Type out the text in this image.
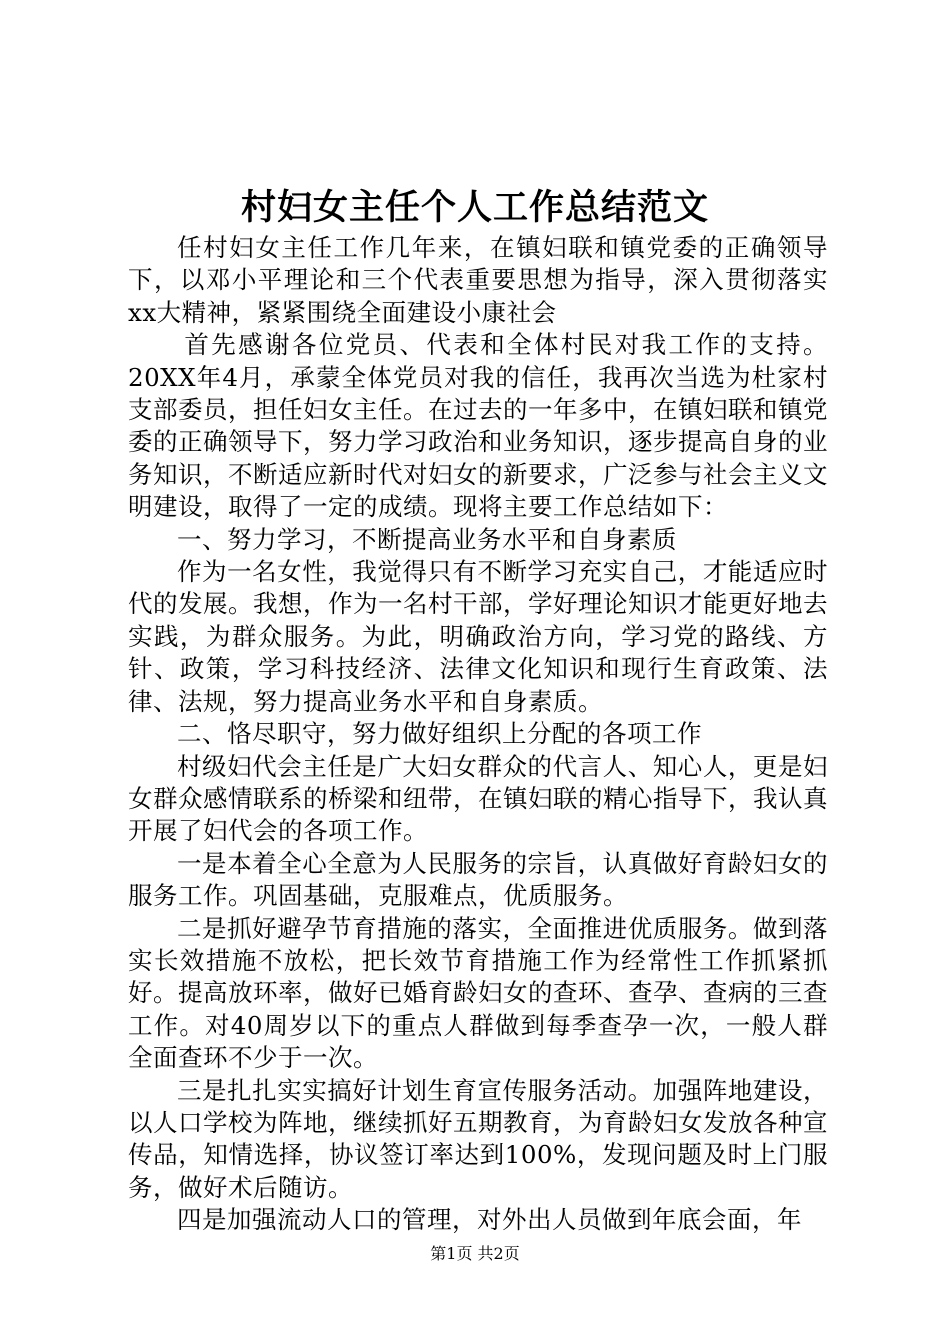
村妇女主任个人工作总结范文

任村妇女主任工作几年来，在镇妇联和镇党委的正确领导下，以邓小平理论和三个代表重要思想为指导，深入贯彻落实xx大精神，紧紧围绕全面建设小康社会

首先感谢各位党员、代表和全体村民对我工作的支持。20XX年4月，承蒙全体党员对我的信任，我再次当选为杜家村支部委员，担任妇女主任。在过去的一年多中，在镇妇联和镇党委的正确领导下，努力学习政治和业务知识，逐步提高自身的业务知识，不断适应新时代对妇女的新要求，广泛参与社会主义文明建设，取得了一定的成绩。现将主要工作总结如下：

一、努力学习，不断提高业务水平和自身素质

作为一名女性，我觉得只有不断学习充实自己，才能适应时代的发展。我想，作为一名村干部，学好理论知识才能更好地去实践，为群众服务。为此，明确政治方向，学习党的路线、方针、政策，学习科技经济、法律文化知识和现行生育政策、法律、法规，努力提高业务水平和自身素质。

二、恪尽职守，努力做好组织上分配的各项工作

村级妇代会主任是广大妇女群众的代言人、知心人，更是妇女群众感情联系的桥梁和纽带，在镇妇联的精心指导下，我认真开展了妇代会的各项工作。

一是本着全心全意为人民服务的宗旨，认真做好育龄妇女的服务工作。巩固基础，克服难点，优质服务。

二是抓好避孕节育措施的落实，全面推进优质服务。做到落实长效措施不放松，把长效节育措施工作为经常性工作抓紧抓好。提高放环率，做好已婚育龄妇女的查环、查孕、查病的三查工作。对40周岁以下的重点人群做到每季查孕一次，一般人群全面查环不少于一次。

三是扎扎实实搞好计划生育宣传服务活动。加强阵地建设，以人口学校为阵地，继续抓好五期教育，为育龄妇女发放各种宣传品，知情选择，协议签订率达到100%，发现问题及时上门服务，做好术后随访。

四是加强流动人口的管理，对外出人员做到年底会面，年

第1页 共2页
